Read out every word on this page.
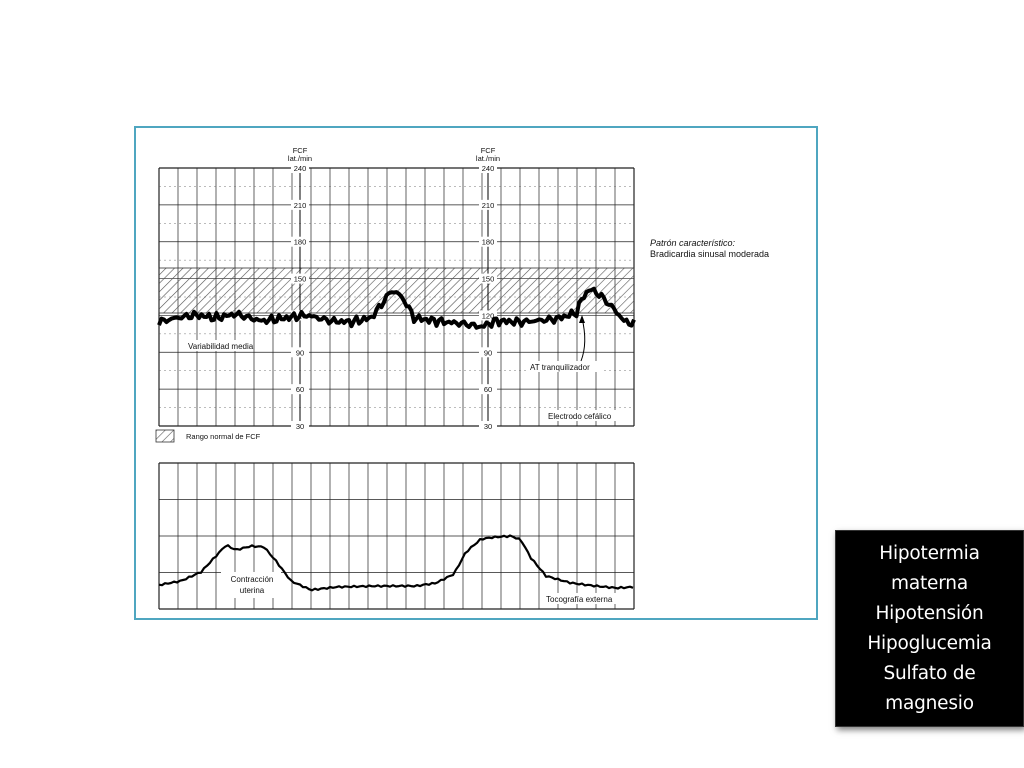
240
210
180
150
120
90
60
30
240
210
180
150
120
90
60
30
FCF
lat./min
FCF
lat./min
Variabilidad media
AT tranquilizador
Electrodo cefálico
Rango normal de FCF
Patrón característico:
Bradicardia sinusal moderada
Contracción
uterina
Tocografía externa
Hipotermia
materna
Hipotensión
Hipoglucemia
Sulfato de
magnesio
